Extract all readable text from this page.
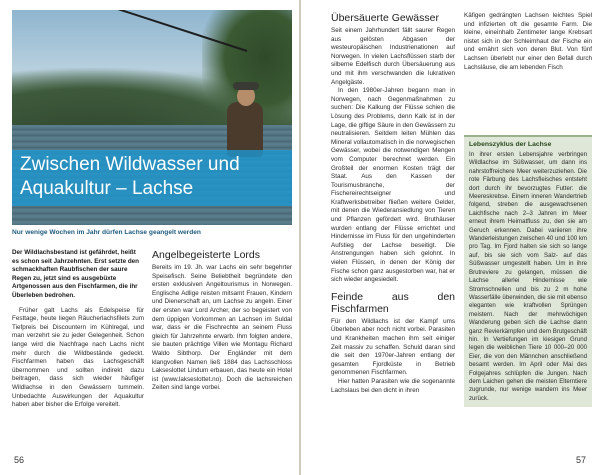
Zwischen Wildwasser und Aquakultur – Lachse
Nur wenige Wochen im Jahr dürfen Lachse geangelt werden

Der Wildlachsbestand ist gefährdet, heißt es schon seit Jahrzehnten. Erst setzte den schmackhaften Raubfischen der saure Regen zu, jetzt sind es ausgebüxte Artgenossen aus den Fischfarmen, die ihr Überleben bedrohen.

Früher galt Lachs als Edelspeise für Festtage, heute liegen Räucherlachsfilets zum Tiefpreis bei Discountern im Kühlregal, und man verzehrt sie zu jeder Gelegenheit. Schon lange wird die Nachfrage nach Lachs nicht mehr durch die Wildbestände gedeckt. Fischfarmen haben das Lachsgeschäft übernommen und sollten indirekt dazu beitragen, dass sich wieder häufiger Wildlachse in den Gewässern tummeln. Unbedachte Auswirkungen der Aquakultur haben aber bisher die Erfolge vereitelt.

Angelbegeisterte Lords

Bereits im 19. Jh. war Lachs ein sehr begehrter Speisefisch. Seine Beliebtheit begründete den ersten exklusiven Angeltourismus in Norwegen. Englische Adlige reisten mitsamt Frauen, Kindern und Dienerschaft an, um Lachse zu angeln. Einer der ersten war Lord Archer, der so begeistert von dem üppigen Vorkommen an Lachsen im Suldal war, dass er die Fischrechte an seinem Fluss gleich für Jahrzehnte erwarb. Ihm folgten andere, sie bauten prächtige Villen wie Montagu Richard Waldo Sibthorp. Der Engländer mit dem klangvollen Namen ließ 1884 das Lachsschloss Lakseslottet Lindum erbauen, das heute ein Hotel ist (www.lakseslottet.no). Doch die lachsreichen Zeiten sind lange vorbei.

56
Übersäuerte Gewässer

Seit einem Jahrhundert fällt saurer Regen aus gelösten Abgasen der westeuropäischen Industrienationen auf Norwegen. In vielen Lachsflüssen starb der silberne Edelfisch durch Übersäuerung aus und mit ihm verschwanden die lukrativen Angelgäste.

In den 1980er-Jahren begann man in Norwegen, nach Gegenmaßnahmen zu suchen: Die Kalkung der Flüsse schien die Lösung des Problems, denn Kalk ist in der Lage, die giftige Säure in den Gewässern zu neutralisieren. Seitdem leiten Mühlen das Mineral vollautomatisch in die norwegischen Gewässer, wobei die notwendigen Mengen vom Computer berechnet werden. Ein Großteil der enormen Kosten trägt der Staat. Aus den Kassen der Tourismusbranche, der Fischereirechtseigner und Kraftwerksbetreiber fließen weitere Gelder, mit denen die Wiederansiedlung von Tieren und Pflanzen gefördert wird. Bruthäuser wurden entlang der Flüsse errichtet und Hindernisse im Fluss für den ungehinderten Aufstieg der Lachse beseitigt. Die Anstrengungen haben sich gelohnt. In vielen Flüssen, in denen der König der Fische schon ganz ausgestorben war, hat er sich wieder angesiedelt.

Feinde aus den Fischfarmen

Für den Wildlachs ist der Kampf ums Überleben aber noch nicht vorbei. Parasiten und Krankheiten machen ihm seit einiger Zeit massiv zu schaffen. Schuld daran sind die seit den 1970er-Jahren entlang der gesamten Fjordküste in Betrieb genommenen Fischfarmen.

Hier hatten Parasiten wie die sogenannte Lachslaus bei den dicht in ihren

Käfigen gedrängten Lachsen leichtes Spiel und infizierten oft die gesamte Farm. Die kleine, eineinhalb Zentimeter lange Krebsart nistet sich in der Schleimhaut der Fische ein und ernährt sich von deren Blut. Von fünf Lachsen überlebt nur einer den Befall durch Lachsläuse, die am lebenden Fisch

Lebenszyklus der Lachse

In ihrer ersten Lebensjahre verbringen Wildlachse im Süßwasser, um dann ins nahrstoffreichere Meer weiterzuziehen. Die rote Färbung des Lachsfleisches entsteht dort durch ihr bevorzugtes Futter: die Meereskrebse. Einem inneren Wandertrieb folgend, streben die ausgewachsenen Laichfische nach 2–3 Jahren im Meer erneut ihrem Heimatfluss zu, den sie am Geruch erkennen. Dabei variieren ihre Wanderleistungen zwischen 40 und 100 km pro Tag. Im Fjord halten sie sich so lange auf, bis sie sich vom Salz- auf das Süßwasser umgestellt haben. Um in ihre Brutreviere zu gelangen, müssen die Lachse allerlei Hindernisse wie Stromschnellen und bis zu 2 m hohe Wasserfälle überwinden, die sie mit ebenso eleganten wie kraftvollen Sprüngen meistern. Nach der mehrwöchigen Wanderung geben sich die Lachse dann ganz Revierkämpfen und dem Brutgeschäft hin. In Vertiefungen im kiesigen Grund legen die weiblichen Tiere 10 000–20 000 Eier, die von den Männchen anschließend besamt werden. Im April oder Mai des Folgejahres schlüpfen die Jungen. Nach dem Laichen gehen die meisten Elterntiere zugrunde, nur wenige wandern ins Meer zurück.

57
